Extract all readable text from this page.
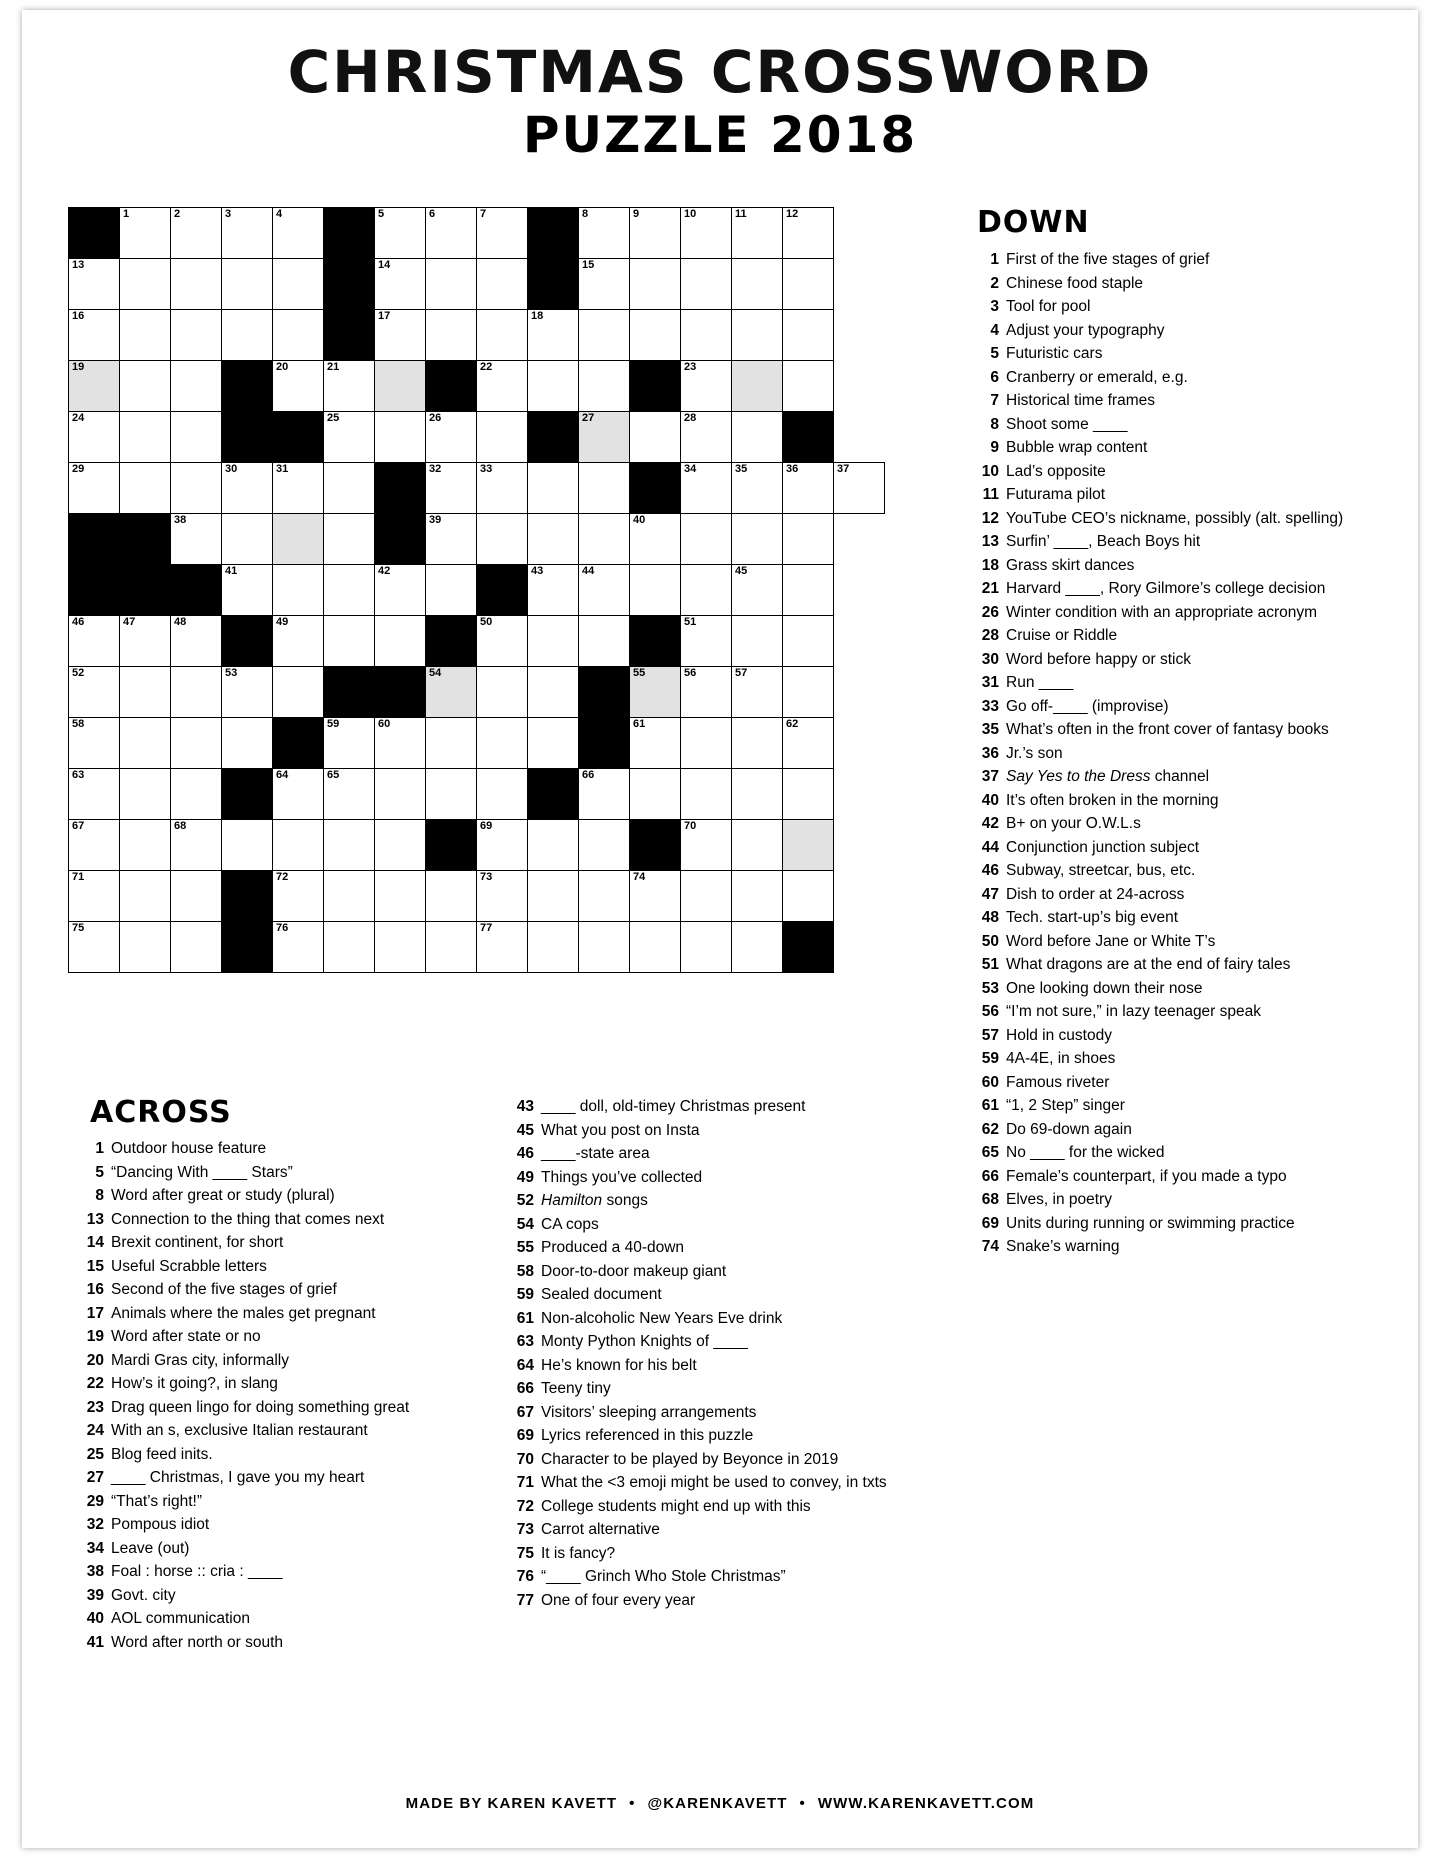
CHRISTMAS CROSSWORD
PUZZLE 2018

	1	2	3	4		5	6	7		8	9	10	11	12	

13						14				15					

16						17			18						

19				20	21			22				23			

24					25		26			27		28			

29			30	31			32	33				34	35	36	37

		38					39				40				

			41			42			43	44			45		

46	47	48		49				50				51			

52			53				54				55	56	57		

58					59	60					61			62	

63				64	65					66					

67		68						69				70			

71				72				73			74				

75				76				77							

DOWN
1 First of the five stages of grief
2 Chinese food staple
3 Tool for pool
4 Adjust your typography
5 Futuristic cars
6 Cranberry or emerald, e.g.
7 Historical time frames
8 Shoot some ____
9 Bubble wrap content
10 Lad’s opposite
11 Futurama pilot
12 YouTube CEO’s nickname, possibly (alt. spelling)
13 Surfin’ ____, Beach Boys hit
18 Grass skirt dances
21 Harvard ____, Rory Gilmore’s college decision
26 Winter condition with an appropriate acronym
28 Cruise or Riddle
30 Word before happy or stick
31 Run ____
33 Go off-____ (improvise)
35 What’s often in the front cover of fantasy books
36 Jr.’s son
37 Say Yes to the Dress channel
40 It’s often broken in the morning
42 B+ on your O.W.L.s
44 Conjunction junction subject
46 Subway, streetcar, bus, etc.
47 Dish to order at 24-across
48 Tech. start-up’s big event
50 Word before Jane or White T’s
51 What dragons are at the end of fairy tales
53 One looking down their nose
56 “I’m not sure,” in lazy teenager speak
57 Hold in custody
59 4A-4E, in shoes
60 Famous riveter
61 “1, 2 Step” singer
62 Do 69-down again
65 No ____ for the wicked
66 Female’s counterpart, if you made a typo
68 Elves, in poetry
69 Units during running or swimming practice
74 Snake’s warning
ACROSS
1 Outdoor house feature
5 “Dancing With ____ Stars”
8 Word after great or study (plural)
13 Connection to the thing that comes next
14 Brexit continent, for short
15 Useful Scrabble letters
16 Second of the five stages of grief
17 Animals where the males get pregnant
19 Word after state or no
20 Mardi Gras city, informally
22 How’s it going?, in slang
23 Drag queen lingo for doing something great
24 With an s, exclusive Italian restaurant
25 Blog feed inits.
27 ____ Christmas, I gave you my heart
29 “That’s right!”
32 Pompous idiot
34 Leave (out)
38 Foal : horse :: cria : ____
39 Govt. city
40 AOL communication
41 Word after north or south
43 ____ doll, old-timey Christmas present
45 What you post on Insta
46 ____-state area
49 Things you’ve collected
52 Hamilton songs
54 CA cops
55 Produced a 40-down
58 Door-to-door makeup giant
59 Sealed document
61 Non-alcoholic New Years Eve drink
63 Monty Python Knights of ____
64 He’s known for his belt
66 Teeny tiny
67 Visitors’ sleeping arrangements
69 Lyrics referenced in this puzzle
70 Character to be played by Beyonce in 2019
71 What the <3 emoji might be used to convey, in txts
72 College students might end up with this
73 Carrot alternative
75 It is fancy?
76 “____ Grinch Who Stole Christmas”
77 One of four every year
MADE BY KAREN KAVETT • @KARENKAVETT • WWW.KARENKAVETT.COM
